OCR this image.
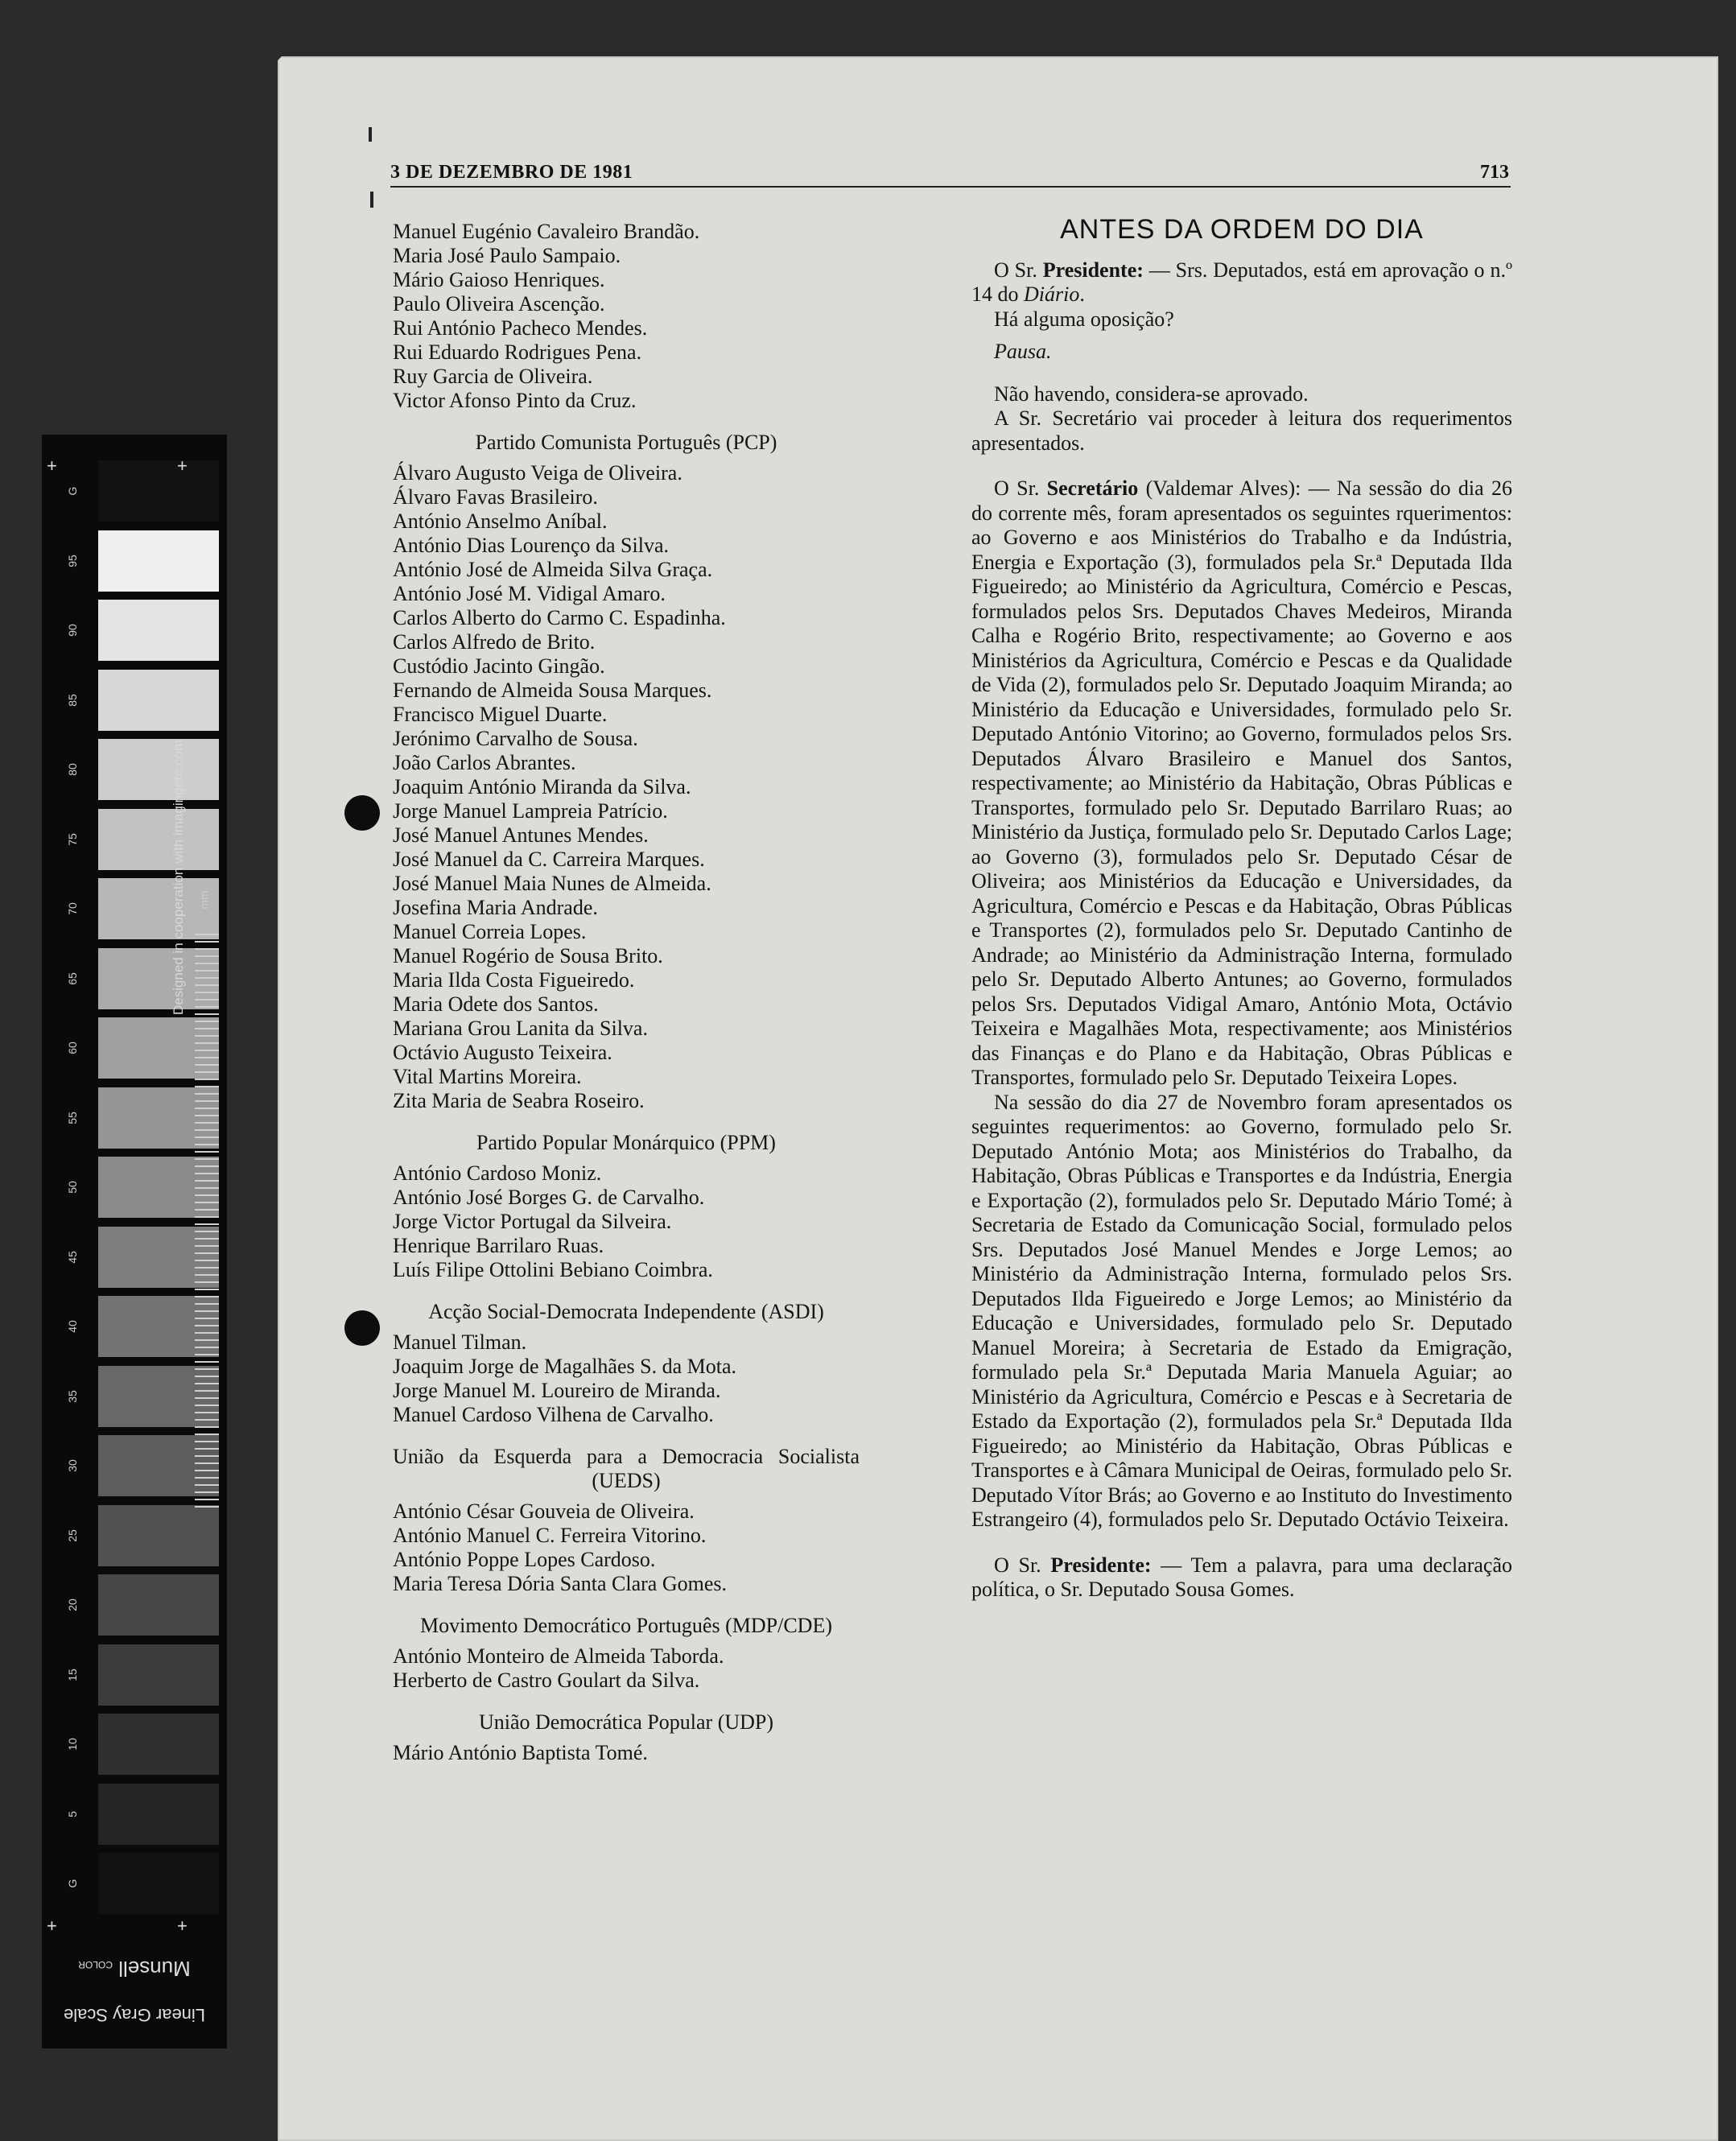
3 DE DEZEMBRO DE 1981	713
Manuel Eugénio Cavaleiro Brandão.
Maria José Paulo Sampaio.
Mário Gaioso Henriques.
Paulo Oliveira Ascenção.
Rui António Pacheco Mendes.
Rui Eduardo Rodrigues Pena.
Ruy Garcia de Oliveira.
Victor Afonso Pinto da Cruz.
Partido Comunista Português (PCP)
Álvaro Augusto Veiga de Oliveira.
Álvaro Favas Brasileiro.
António Anselmo Aníbal.
António Dias Lourenço da Silva.
António José de Almeida Silva Graça.
António José M. Vidigal Amaro.
Carlos Alberto do Carmo C. Espadinha.
Carlos Alfredo de Brito.
Custódio Jacinto Gingão.
Fernando de Almeida Sousa Marques.
Francisco Miguel Duarte.
Jerónimo Carvalho de Sousa.
João Carlos Abrantes.
Joaquim António Miranda da Silva.
Jorge Manuel Lampreia Patrício.
José Manuel Antunes Mendes.
José Manuel da C. Carreira Marques.
José Manuel Maia Nunes de Almeida.
Josefina Maria Andrade.
Manuel Correia Lopes.
Manuel Rogério de Sousa Brito.
Maria Ilda Costa Figueiredo.
Maria Odete dos Santos.
Mariana Grou Lanita da Silva.
Octávio Augusto Teixeira.
Vital Martins Moreira.
Zita Maria de Seabra Roseiro.
Partido Popular Monárquico (PPM)
António Cardoso Moniz.
António José Borges G. de Carvalho.
Jorge Victor Portugal da Silveira.
Henrique Barrilaro Ruas.
Luís Filipe Ottolini Bebiano Coimbra.
Acção Social-Democrata Independente (ASDI)
Manuel Tilman.
Joaquim Jorge de Magalhães S. da Mota.
Jorge Manuel M. Loureiro de Miranda.
Manuel Cardoso Vilhena de Carvalho.
União da Esquerda para a Democracia Socialista
(UEDS)
António César Gouveia de Oliveira.
António Manuel C. Ferreira Vitorino.
António Poppe Lopes Cardoso.
Maria Teresa Dória Santa Clara Gomes.
Movimento Democrático Português (MDP/CDE)
António Monteiro de Almeida Taborda.
Herberto de Castro Goulart da Silva.
União Democrática Popular (UDP)
Mário António Baptista Tomé.
ANTES DA ORDEM DO DIA

O Sr. Presidente: — Srs. Deputados, está em aprovação o n.º 14 do Diário.

Há alguma oposição?

Pausa.

Não havendo, considera-se aprovado.

A Sr. Secretário vai proceder à leitura dos requerimentos apresentados.

O Sr. Secretário (Valdemar Alves): — Na sessão do dia 26 do corrente mês, foram apresentados os seguintes rquerimentos: ao Governo e aos Ministérios do Trabalho e da Indústria, Energia e Exportação (3), formulados pela Sr.ª Deputada Ilda Figueiredo; ao Ministério da Agricultura, Comércio e Pescas, formulados pelos Srs. Deputados Chaves Medeiros, Miranda Calha e Rogério Brito, respectivamente; ao Governo e aos Ministérios da Agricultura, Comércio e Pescas e da Qualidade de Vida (2), formulados pelo Sr. Deputado Joaquim Miranda; ao Ministério da Educação e Universidades, formulado pelo Sr. Deputado António Vitorino; ao Governo, formulados pelos Srs. Deputados Álvaro Brasileiro e Manuel dos Santos, respectivamente; ao Ministério da Habitação, Obras Públicas e Transportes, formulado pelo Sr. Deputado Barrilaro Ruas; ao Ministério da Justiça, formulado pelo Sr. Deputado Carlos Lage; ao Governo (3), formulados pelo Sr. Deputado César de Oliveira; aos Ministérios da Educação e Universidades, da Agricultura, Comércio e Pescas e da Habitação, Obras Públicas e Transportes (2), formulados pelo Sr. Deputado Cantinho de Andrade; ao Ministério da Administração Interna, formulado pelo Sr. Deputado Alberto Antunes; ao Governo, formulados pelos Srs. Deputados Vidigal Amaro, António Mota, Octávio Teixeira e Magalhães Mota, respectivamente; aos Ministérios das Finanças e do Plano e da Habitação, Obras Públicas e Transportes, formulado pelo Sr. Deputado Teixeira Lopes.

Na sessão do dia 27 de Novembro foram apresentados os seguintes requerimentos: ao Governo, formulado pelo Sr. Deputado António Mota; aos Ministérios do Trabalho, da Habitação, Obras Públicas e Transportes e da Indústria, Energia e Exportação (2), formulados pelo Sr. Deputado Mário Tomé; à Secretaria de Estado da Comunicação Social, formulado pelos Srs. Deputados José Manuel Mendes e Jorge Lemos; ao Ministério da Administração Interna, formulado pelos Srs. Deputados Ilda Figueiredo e Jorge Lemos; ao Ministério da Educação e Universidades, formulado pelo Sr. Deputado Manuel Moreira; à Secretaria de Estado da Emigração, formulado pela Sr.ª Deputada Maria Manuela Aguiar; ao Ministério da Agricultura, Comércio e Pescas e à Secretaria de Estado da Exportação (2), formulados pela Sr.ª Deputada Ilda Figueiredo; ao Ministério da Habitação, Obras Públicas e Transportes e à Câmara Municipal de Oeiras, formulado pelo Sr. Deputado Vítor Brás; ao Governo e ao Instituto do Investimento Estrangeiro (4), formulados pelo Sr. Deputado Octávio Teixeira.

O Sr. Presidente: — Tem a palavra, para uma declaração política, o Sr. Deputado Sousa Gomes.

G
95
90
85
80
75
70
65
60
55
50
45
40
35
30
25
20
15
10
5
G
Designed in cooperation with imagingetc.com
+	+
+	+
Munsell COLOR
Linear Gray Scale
mm
